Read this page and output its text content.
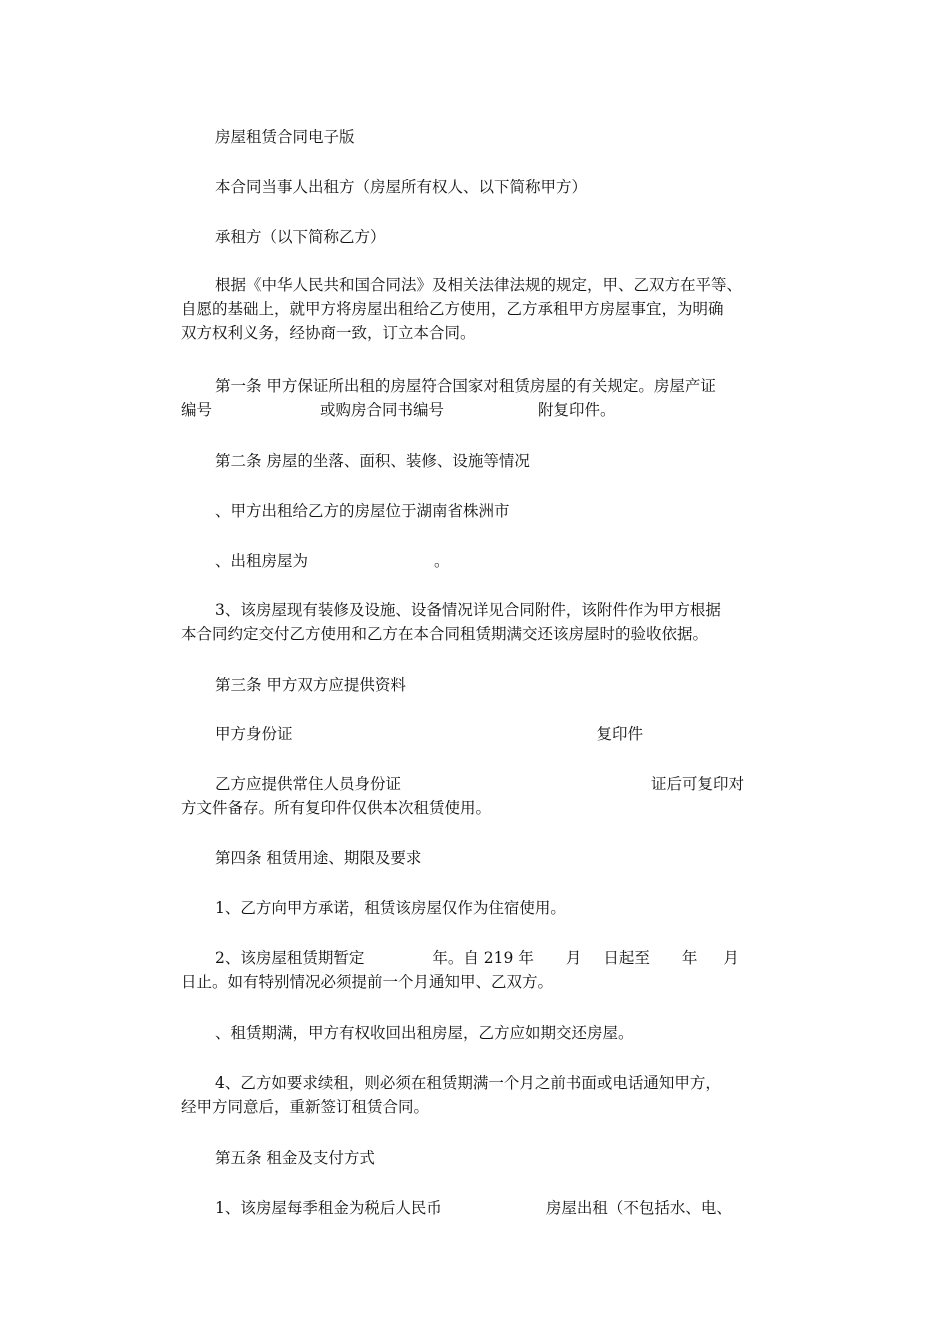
房屋租赁合同电子版

本合同当事人出租方（房屋所有权人、以下简称甲方）

承租方（以下简称乙方）

根据《中华人民共和国合同法》及相关法律法规的规定，甲、乙双方在平等、
自愿的基础上，就甲方将房屋出租给乙方使用，乙方承租甲方房屋事宜，为明确
双方权利义务，经协商一致，订立本合同。
第一条 甲方保证所出租的房屋符合国家对租赁房屋的有关规定。房屋产证
编号	或购房合同书编号	附复印件。

第二条 房屋的坐落、面积、装修、设施等情况

、甲方出租给乙方的房屋位于湖南省株洲市

、出租房屋为	。

3、该房屋现有装修及设施、设备情况详见合同附件，该附件作为甲方根据
本合同约定交付乙方使用和乙方在本合同租赁期满交还该房屋时的验收依据。

第三条 甲方双方应提供资料

甲方身份证	复印件

乙方应提供常住人员身份证	证后可复印对
方文件备存。所有复印件仅供本次租赁使用。

第四条 租赁用途、期限及要求

1、乙方向甲方承诺，租赁该房屋仅作为住宿使用。

2、该房屋租赁期暂定	年。自 219 年 月 日起至 年 月
日止。如有特别情况必须提前一个月通知甲、乙双方。

、租赁期满，甲方有权收回出租房屋，乙方应如期交还房屋。

4、乙方如要求续租，则必须在租赁期满一个月之前书面或电话通知甲方，
经甲方同意后，重新签订租赁合同。

第五条 租金及支付方式

1、该房屋每季租金为税后人民币	房屋出租（不包括水、电、
